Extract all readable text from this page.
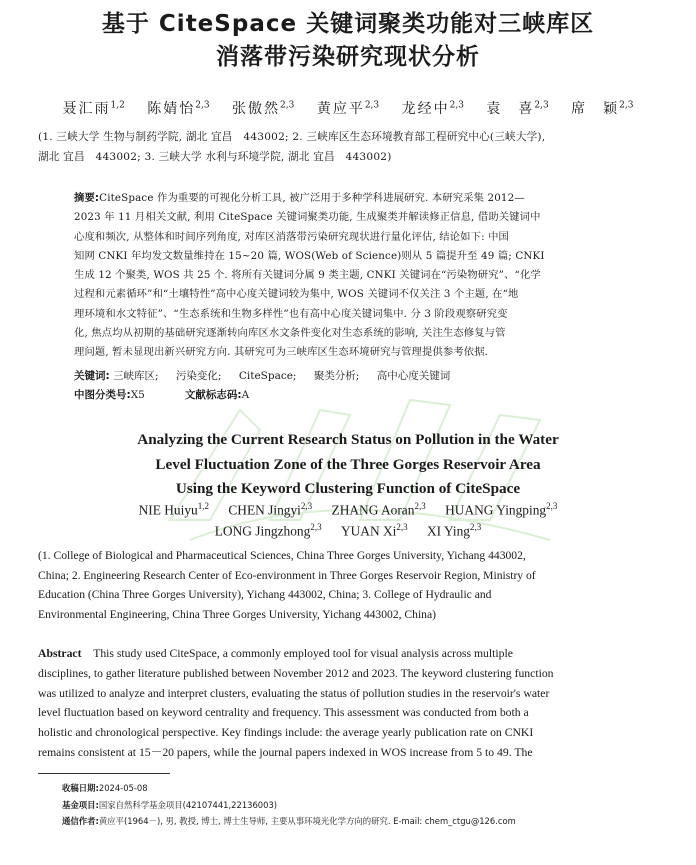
基于 CiteSpace 关键词聚类功能对三峡库区
消落带污染研究现状分析

聂汇雨$^{1,2}$ 陈婧怡$^{2,3}$ 张傲然$^{2,3}$ 黄应平$^{2,3}$ 龙经中$^{2,3}$ 袁　喜$^{2,3}$ 席　颖$^{2,3}$

(1. 三峡大学 生物与制药学院, 湖北 宜昌　443002; 2. 三峡库区生态环境教育部工程研究中心(三峡大学),
湖北 宜昌　443002; 3. 三峡大学 水利与环境学院, 湖北 宜昌　443002)

摘要:CiteSpace 作为重要的可视化分析工具, 被广泛用于多种学科进展研究. 本研究采集 2012—
2023 年 11 月相关文献, 利用 CiteSpace 关键词聚类功能, 生成聚类并解读修正信息, 借助关键词中
心度和频次, 从整体和时间序列角度, 对库区消落带污染研究现状进行量化评估, 结论如下: 中国
知网 CNKI 年均发文数量维持在 15~20 篇, WOS(Web of Science)则从 5 篇提升至 49 篇; CNKI
生成 12 个聚类, WOS 共 25 个. 将所有关键词分属 9 类主题, CNKI 关键词在“污染物研究”、“化学
过程和元素循环”和“土壤特性”高中心度关键词较为集中, WOS 关键词不仅关注 3 个主题, 在“地
理环境和水文特征”、“生态系统和生物多样性”也有高中心度关键词集中. 分 3 阶段观察研究变
化, 焦点均从初期的基础研究逐渐转向库区水文条件变化对生态系统的影响, 关注生态修复与管
理问题, 暂未显现出新兴研究方向. 其研究可为三峡库区生态环境研究与管理提供参考依据.

关键词: 三峡库区; 污染变化; CiteSpace; 聚类分析; 高中心度关键词

中图分类号:X5	文献标志码:A

Analyzing the Current Research Status on Pollution in the Water
Level Fluctuation Zone of the Three Gorges Reservoir Area
Using the Keyword Clustering Function of CiteSpace

NIE Huiyu$^{1,2}$ CHEN Jingyi$^{2,3}$ ZHANG Aoran$^{2,3}$ HUANG Yingping$^{2,3}$

LONG Jingzhong$^{2,3}$ YUAN Xi$^{2,3}$ XI Ying$^{2,3}$

(1. College of Biological and Pharmaceutical Sciences, China Three Gorges University, Yichang 443002,
China; 2. Engineering Research Center of Eco-environment in Three Gorges Reservoir Region, Ministry of
Education (China Three Gorges University), Yichang 443002, China; 3. College of Hydraulic and
Environmental Engineering, China Three Gorges University, Yichang 443002, China)

Abstract This study used CiteSpace, a commonly employed tool for visual analysis across multiple
disciplines, to gather literature published between November 2012 and 2023. The keyword clustering function
was utilized to analyze and interpret clusters, evaluating the status of pollution studies in the reservoir's water
level fluctuation based on keyword centrality and frequency. This assessment was conducted from both a
holistic and chronological perspective. Key findings include: the average yearly publication rate on CNKI
remains consistent at 15－20 papers, while the journal papers indexed in WOS increase from 5 to 49. The

收稿日期:2024-05-08

基金项目:国家自然科学基金项目(42107441,22136003)

通信作者:黄应平(1964－), 男, 教授, 博士, 博士生导师, 主要从事环境光化学方向的研究. E-mail: chem_ctgu@126.com
